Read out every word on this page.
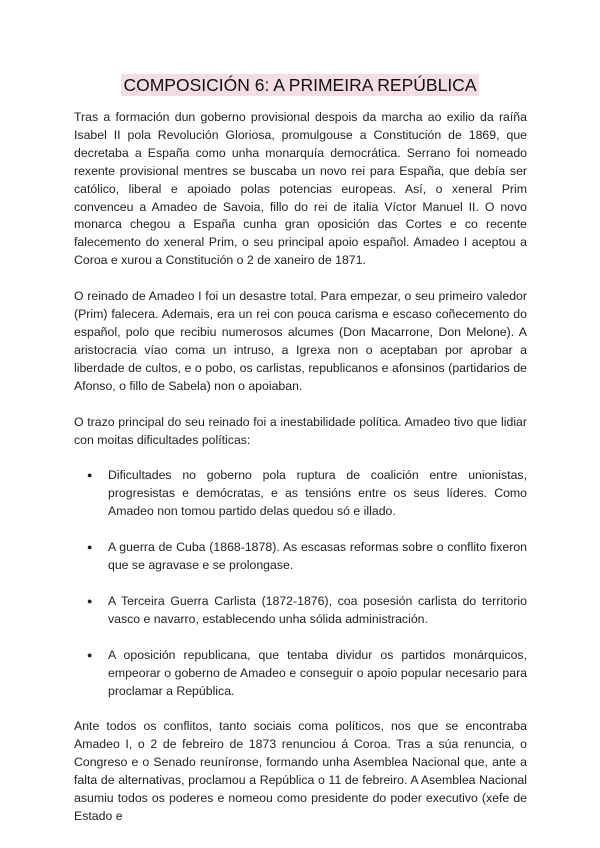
COMPOSICIÓN 6: A PRIMEIRA REPÚBLICA

Tras a formación dun goberno provisional despois da marcha ao exilio da raíña Isabel II pola Revolución Gloriosa, promulgouse a Constitución de 1869, que decretaba a España como unha monarquía democrática. Serrano foi nomeado rexente provisional mentres se buscaba un novo rei para España, que debía ser católico, liberal e apoiado polas potencias europeas. Así, o xeneral Prim convenceu a Amadeo de Savoia, fillo do rei de italia Víctor Manuel II. O novo monarca chegou a España cunha gran oposición das Cortes e co recente falecemento do xeneral Prim, o seu principal apoio español. Amadeo I aceptou a Coroa e xurou a Constitución o 2 de xaneiro de 1871.

O reinado de Amadeo I foi un desastre total. Para empezar, o seu primeiro valedor (Prim) falecera. Ademais, era un rei con pouca carisma e escaso coñecemento do español, polo que recibiu numerosos alcumes (Don Macarrone, Don Melone). A aristocracia víao coma un intruso, a Igrexa non o aceptaban por aprobar a liberdade de cultos, e o pobo, os carlistas, republicanos e afonsinos (partidarios de Afonso, o fillo de Sabela) non o apoiaban.

O trazo principal do seu reinado foi a inestabilidade política. Amadeo tivo que lidiar con moitas dificultades políticas:

● Dificultades no goberno pola ruptura de coalición entre unionistas, progresistas e demócratas, e as tensións entre os seus líderes. Como Amadeo non tomou partido delas quedou só e illado.
● A guerra de Cuba (1868-1878). As escasas reformas sobre o conflito fixeron que se agravase e se prolongase.
● A Terceira Guerra Carlista (1872-1876), coa posesión carlista do territorio vasco e navarro, establecendo unha sólida administración.
● A oposición republicana, que tentaba dividur os partidos monárquicos, empeorar o goberno de Amadeo e conseguir o apoio popular necesario para proclamar a República.

Ante todos os conflitos, tanto sociais coma políticos, nos que se encontraba Amadeo I, o 2 de febreiro de 1873 renunciou á Coroa. Tras a súa renuncia, o Congreso e o Senado reuníronse, formando unha Asemblea Nacional que, ante a falta de alternativas, proclamou a República o 11 de febreiro. A Asemblea Nacional asumiu todos os poderes e nomeou como presidente do poder executivo (xefe de Estado e
